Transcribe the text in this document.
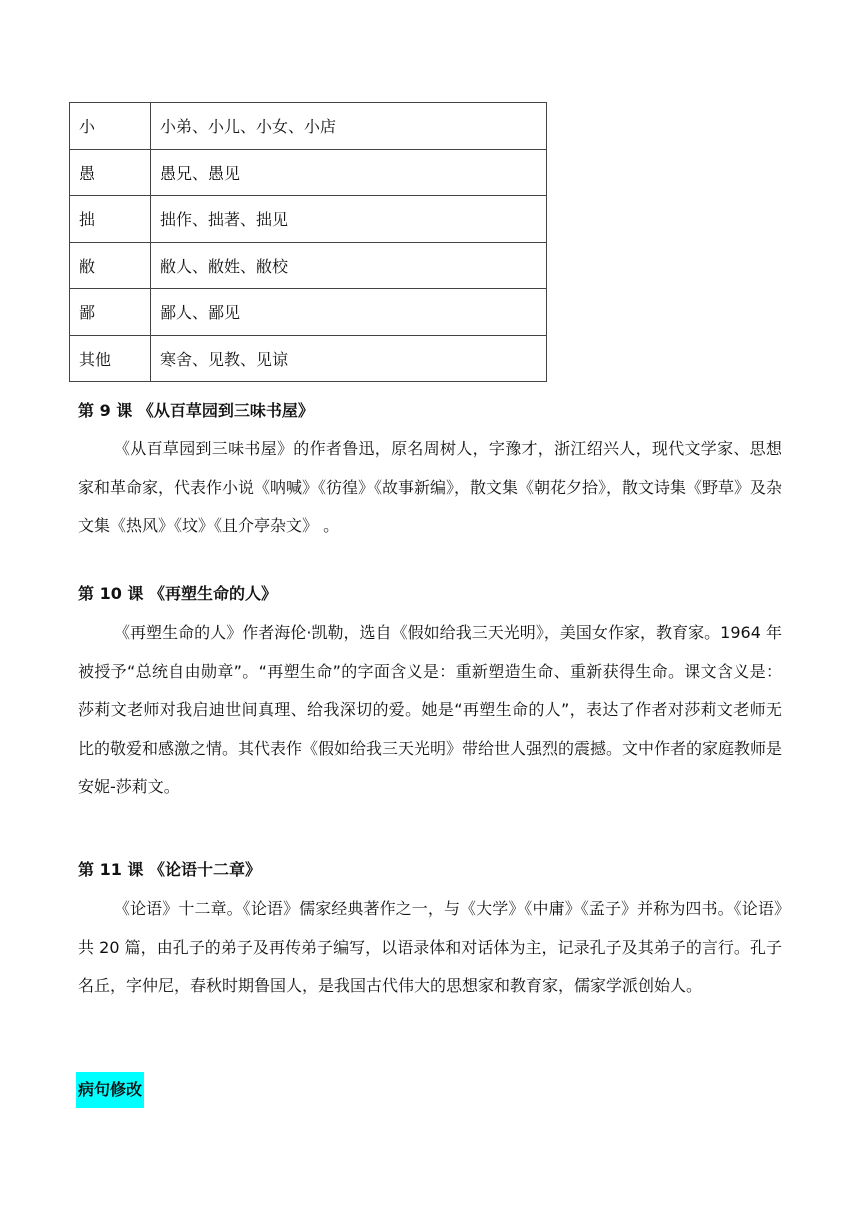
小	小弟、小儿、小女、小店
愚	愚兄、愚见
拙	拙作、拙著、拙见
敝	敝人、敝姓、敝校
鄙	鄙人、鄙见
其他	寒舍、见教、见谅
第 9 课 《从百草园到三味书屋》

《从百草园到三味书屋》的作者鲁迅，原名周树人，字豫才，浙江绍兴人，现代文学家、思想家和革命家，代表作小说《呐喊》《彷徨》《故事新编》，散文集《朝花夕拾》，散文诗集《野草》及杂文集《热风》《坟》《且介亭杂文》 。

第 10 课 《再塑生命的人》

《再塑生命的人》作者海伦·凯勒，选自《假如给我三天光明》，美国女作家，教育家。1964 年被授予“总统自由勋章”。“再塑生命”的字面含义是：重新塑造生命、重新获得生命。课文含义是：莎莉文老师对我启迪世间真理、给我深切的爱。她是“再塑生命的人”，表达了作者对莎莉文老师无比的敬爱和感激之情。其代表作《假如给我三天光明》带给世人强烈的震撼。文中作者的家庭教师是安妮-莎莉文。

第 11 课 《论语十二章》

《论语》十二章。《论语》儒家经典著作之一，与《大学》《中庸》《孟子》并称为四书。《论语》共 20 篇，由孔子的弟子及再传弟子编写，以语录体和对话体为主，记录孔子及其弟子的言行。孔子名丘，字仲尼，春秋时期鲁国人，是我国古代伟大的思想家和教育家，儒家学派创始人。

病句修改
